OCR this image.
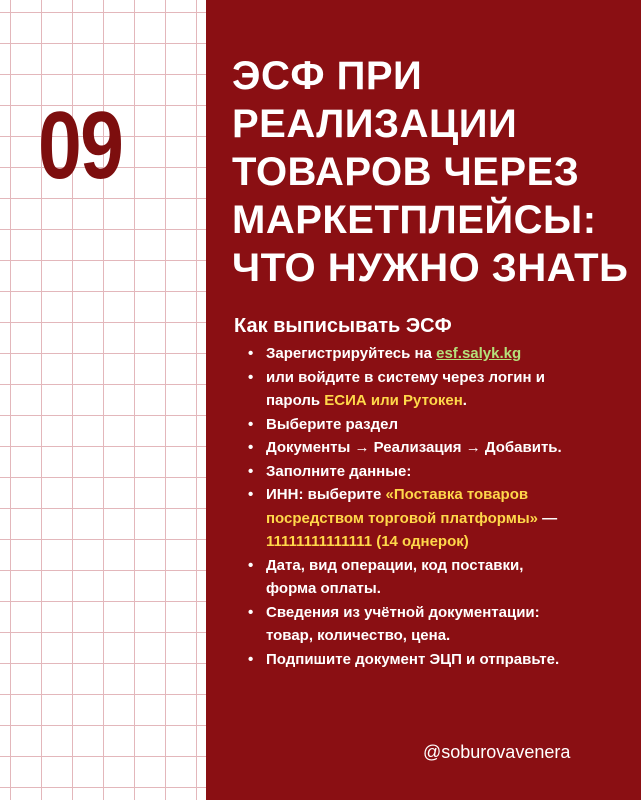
09
ЭСФ ПРИ
РЕАЛИЗАЦИИ
ТОВАРОВ ЧЕРЕЗ
МАРКЕТПЛЕЙСЫ:
ЧТО НУЖНО ЗНАТЬ
Как выписывать ЭСФ
• Зарегистрируйтесь на esf.salyk.kg
• или войдите в систему через логин и
пароль ЕСИА или Рутокен.
• Выберите раздел
• Документы → Реализация → Добавить.
• Заполните данные:
• ИНН: выберите «Поставка товаров
посредством торговой платформы» —
11111111111111 (14 однерок)
• Дата, вид операции, код поставки,
форма оплаты.
• Сведения из учётной документации:
товар, количество, цена.
• Подпишите документ ЭЦП и отправьте.
@soburovavenera
